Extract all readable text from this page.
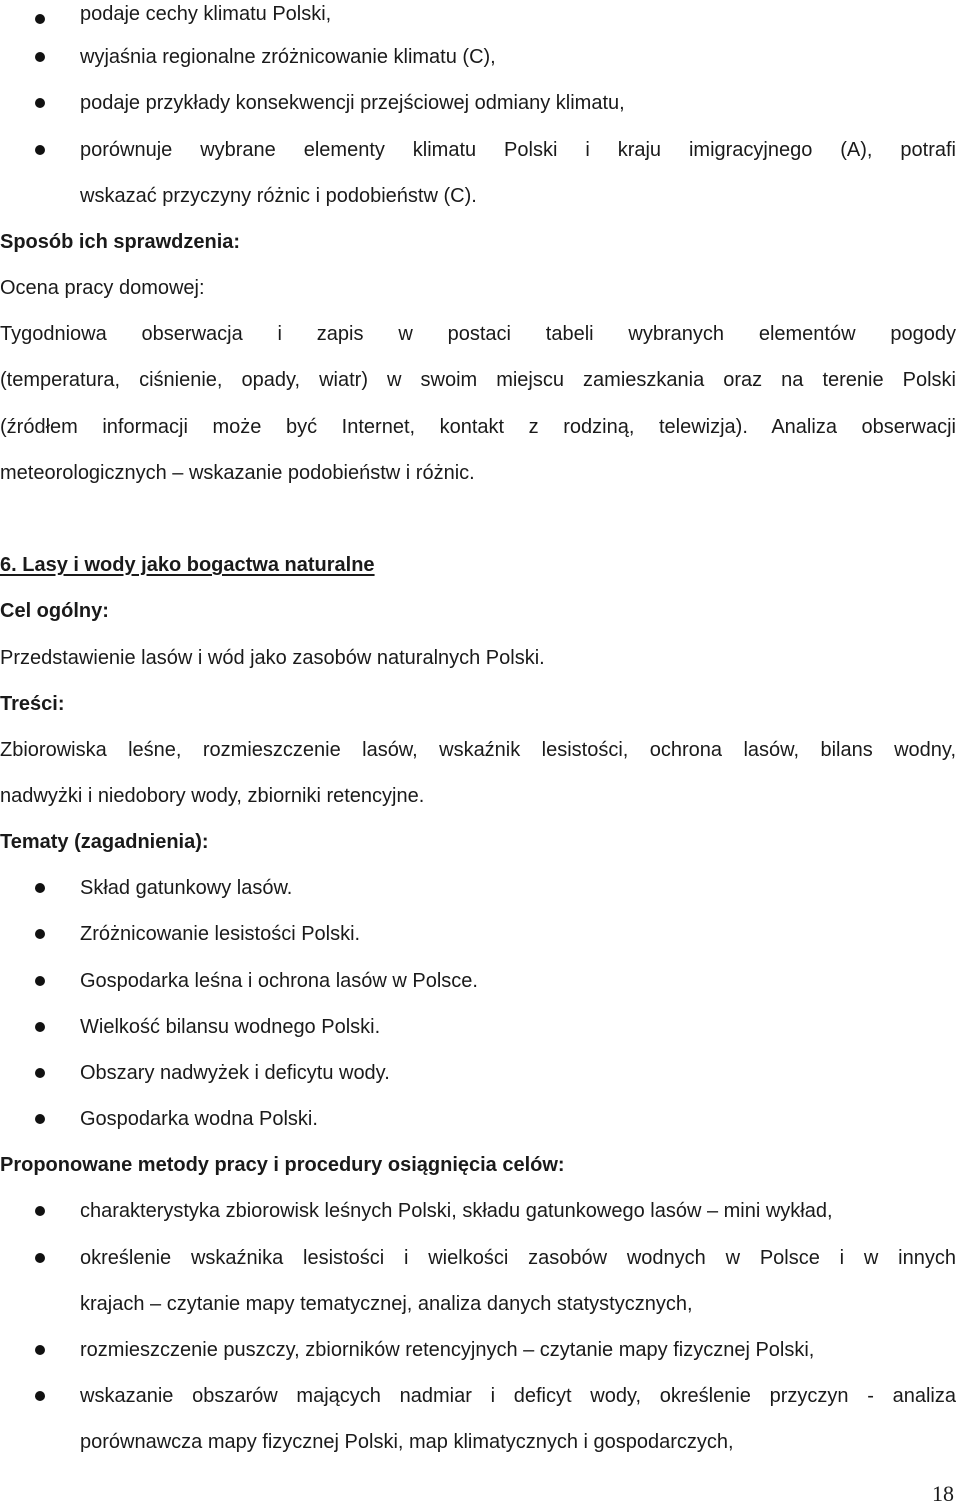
podaje cechy klimatu Polski,
wyjaśnia regionalne zróżnicowanie klimatu (C),
podaje przykłady konsekwencji przejściowej odmiany klimatu,
porównuje wybrane elementy klimatu Polski i kraju imigracyjnego (A), potrafi
wskazać przyczyny różnic i podobieństw (C).
Sposób ich sprawdzenia:
Ocena pracy domowej:
Tygodniowa obserwacja i zapis w postaci tabeli wybranych elementów pogody
(temperatura, ciśnienie, opady, wiatr) w swoim miejscu zamieszkania oraz na terenie Polski
(źródłem informacji może być Internet, kontakt z rodziną, telewizja). Analiza obserwacji
meteorologicznych – wskazanie podobieństw i różnic.
6. Lasy i wody jako bogactwa naturalne
Cel ogólny:
Przedstawienie lasów i wód jako zasobów naturalnych Polski.
Treści:
Zbiorowiska leśne, rozmieszczenie lasów, wskaźnik lesistości, ochrona lasów, bilans wodny,
nadwyżki i niedobory wody, zbiorniki retencyjne.
Tematy (zagadnienia):
Skład gatunkowy lasów.
Zróżnicowanie lesistości Polski.
Gospodarka leśna i ochrona lasów w Polsce.
Wielkość bilansu wodnego Polski.
Obszary nadwyżek i deficytu wody.
Gospodarka wodna Polski.
Proponowane metody pracy i procedury osiągnięcia celów:
charakterystyka zbiorowisk leśnych Polski, składu gatunkowego lasów – mini wykład,
określenie wskaźnika lesistości i wielkości zasobów wodnych w Polsce i w innych
krajach – czytanie mapy tematycznej, analiza danych statystycznych,
rozmieszczenie puszczy, zbiorników retencyjnych – czytanie mapy fizycznej Polski,
wskazanie obszarów mających nadmiar i deficyt wody, określenie przyczyn - analiza
porównawcza mapy fizycznej Polski, map klimatycznych i gospodarczych,
18
